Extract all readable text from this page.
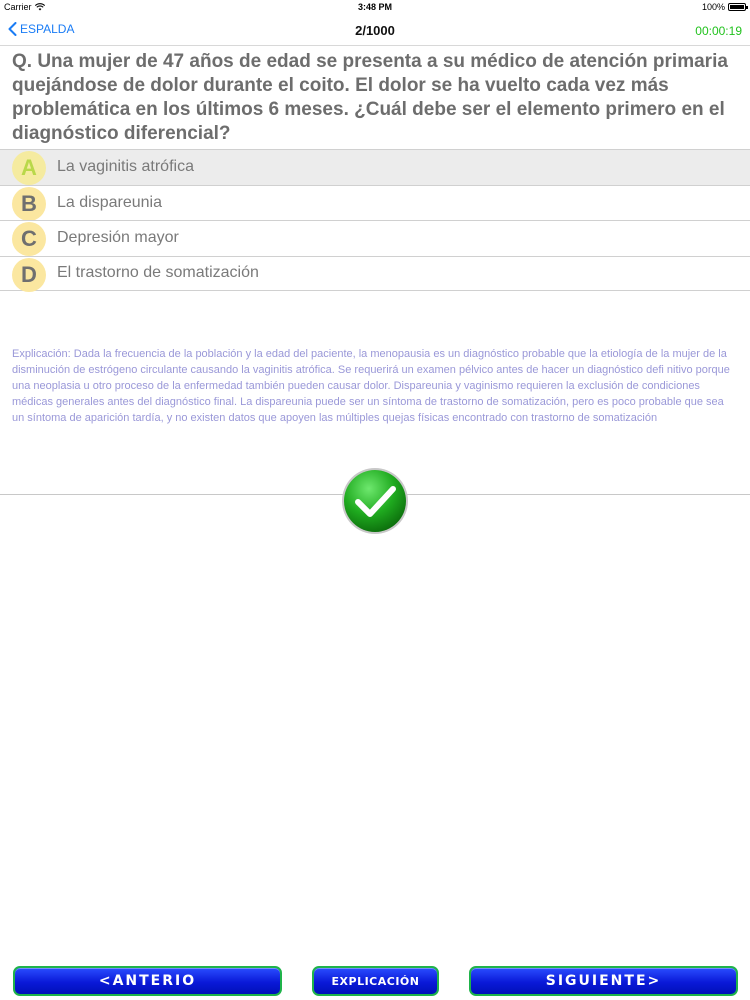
Carrier	3:48 PM	100%
ESPALDA	2/1000	00:00:19
Q. Una mujer de 47 años de edad se presenta a su médico de atención primaria quejándose de dolor durante el coito. El dolor se ha vuelto cada vez más problemática en los últimos 6 meses. ¿Cuál debe ser el elemento primero en el diagnóstico diferencial?
A	La vaginitis atrófica
B	La dispareunia
C	Depresión mayor
D	El trastorno de somatización
Explicación: Dada la frecuencia de la población y la edad del paciente, la menopausia es un diagnóstico probable que la etiología de la mujer de la disminución de estrógeno circulante causando la vaginitis atrófica. Se requerirá un examen pélvico antes de hacer un diagnóstico defi nitivo porque una neoplasia u otro proceso de la enfermedad también pueden causar dolor. Dispareunia y vaginismo requieren la exclusión de condiciones médicas generales antes del diagnóstico final. La dispareunia puede ser un síntoma de trastorno de somatización, pero es poco probable que sea un síntoma de aparición tardía, y no existen datos que apoyen las múltiples quejas físicas encontrado con trastorno de somatización
<ANTERIO	EXPLICACIÓN	SIGUIENTE>
